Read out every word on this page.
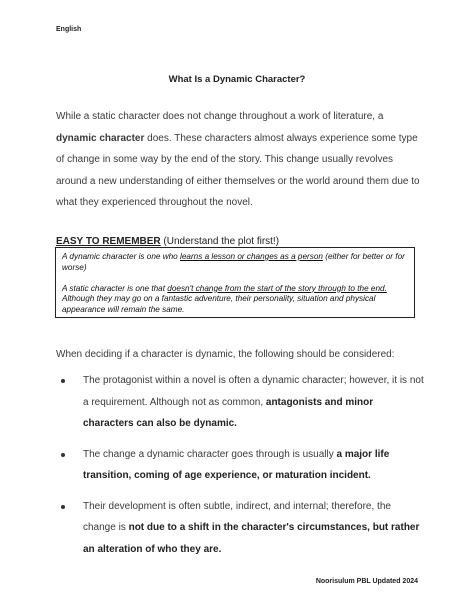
English
What Is a Dynamic Character?
While a static character does not change throughout a work of literature, a dynamic character does. These characters almost always experience some type of change in some way by the end of the story. This change usually revolves around a new understanding of either themselves or the world around them due to what they experienced throughout the novel.
EASY TO REMEMBER (Understand the plot first!)

A dynamic character is one who learns a lesson or changes as a person (either for better or for worse)

A static character is one that doesn't change from the start of the story through to the end. Although they may go on a fantastic adventure, their personality, situation and physical appearance will remain the same.

When deciding if a character is dynamic, the following should be considered:
The protagonist within a novel is often a dynamic character; however, it is not a requirement. Although not as common, antagonists and minor characters can also be dynamic.
The change a dynamic character goes through is usually a major life transition, coming of age experience, or maturation incident.
Their development is often subtle, indirect, and internal; therefore, the change is not due to a shift in the character's circumstances, but rather an alteration of who they are.
Noorisulum PBL Updated 2024
